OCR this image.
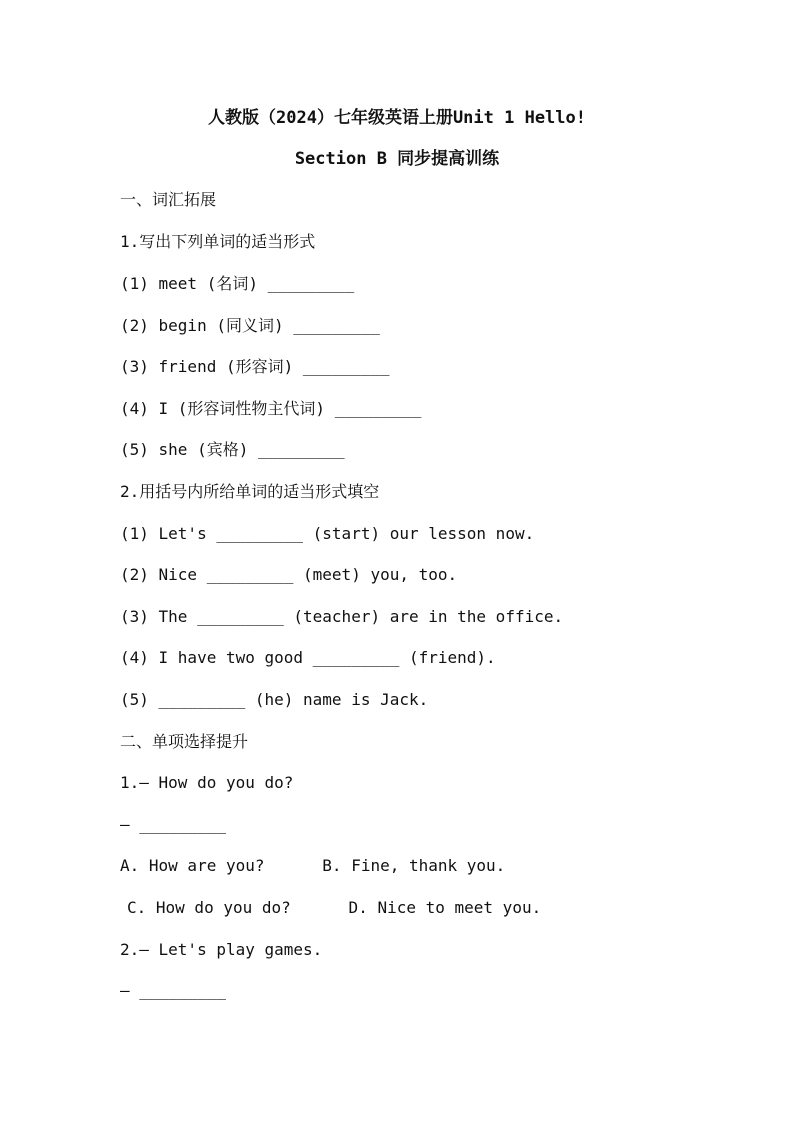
人教版（2024）七年级英语上册Unit 1 Hello!
Section B 同步提高训练
一、词汇拓展
1.写出下列单词的适当形式
(1) meet (名词) _________
(2) begin (同义词) _________
(3) friend (形容词) _________
(4) I (形容词性物主代词) _________
(5) she (宾格) _________
2.用括号内所给单词的适当形式填空
(1) Let's _________ (start) our lesson now.
(2) Nice _________ (meet) you, too.
(3) The _________ (teacher) are in the office.
(4) I have two good _________ (friend).
(5) _________ (he) name is Jack.
二、单项选择提升
1.— How do you do?
— _________
A. How are you?      B. Fine, thank you.
C. How do you do?      D. Nice to meet you.
2.— Let's play games.
— _________
